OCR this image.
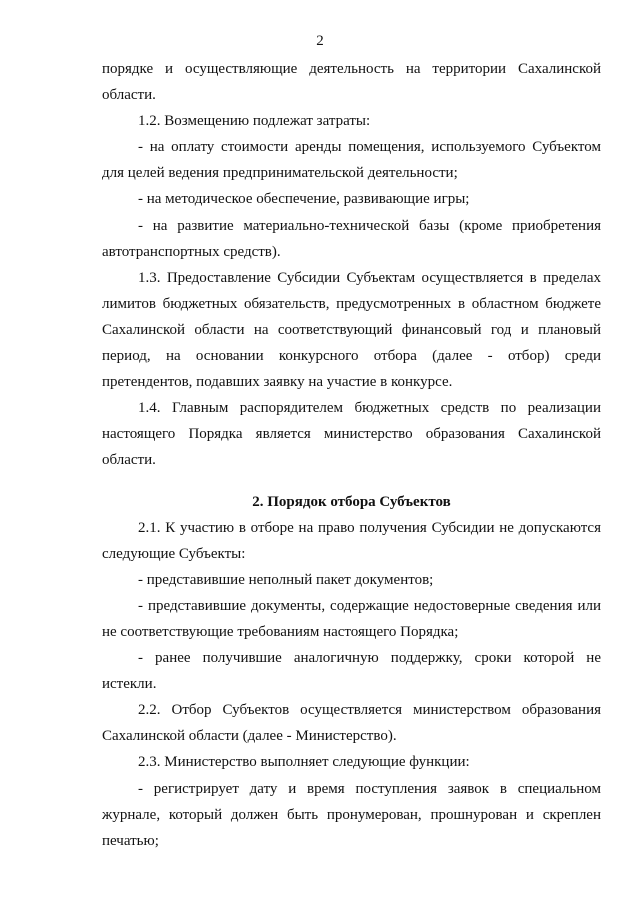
2

порядке и осуществляющие деятельность на территории Сахалинской области.

1.2. Возмещению подлежат затраты:

- на оплату стоимости аренды помещения, используемого Субъектом для целей ведения предпринимательской деятельности;

- на методическое обеспечение, развивающие игры;

- на развитие материально-технической базы (кроме приобретения автотранспортных средств).

1.3. Предоставление Субсидии Субъектам осуществляется в пределах лимитов бюджетных обязательств, предусмотренных в областном бюджете Сахалинской области на соответствующий финансовый год и плановый период, на основании конкурсного отбора (далее - отбор) среди претендентов, подавших заявку на участие в конкурсе.

1.4. Главным распорядителем бюджетных средств по реализации настоящего Порядка является министерство образования Сахалинской области.

2. Порядок отбора Субъектов

2.1. К участию в отборе на право получения Субсидии не допускаются следующие Субъекты:

- представившие неполный пакет документов;

- представившие документы, содержащие недостоверные сведения или не соответствующие требованиям настоящего Порядка;

- ранее получившие аналогичную поддержку, сроки которой не истекли.

2.2. Отбор Субъектов осуществляется министерством образования Сахалинской области (далее - Министерство).

2.3. Министерство выполняет следующие функции:

- регистрирует дату и время поступления заявок в специальном журнале, который должен быть пронумерован, прошнурован и скреплен печатью;
